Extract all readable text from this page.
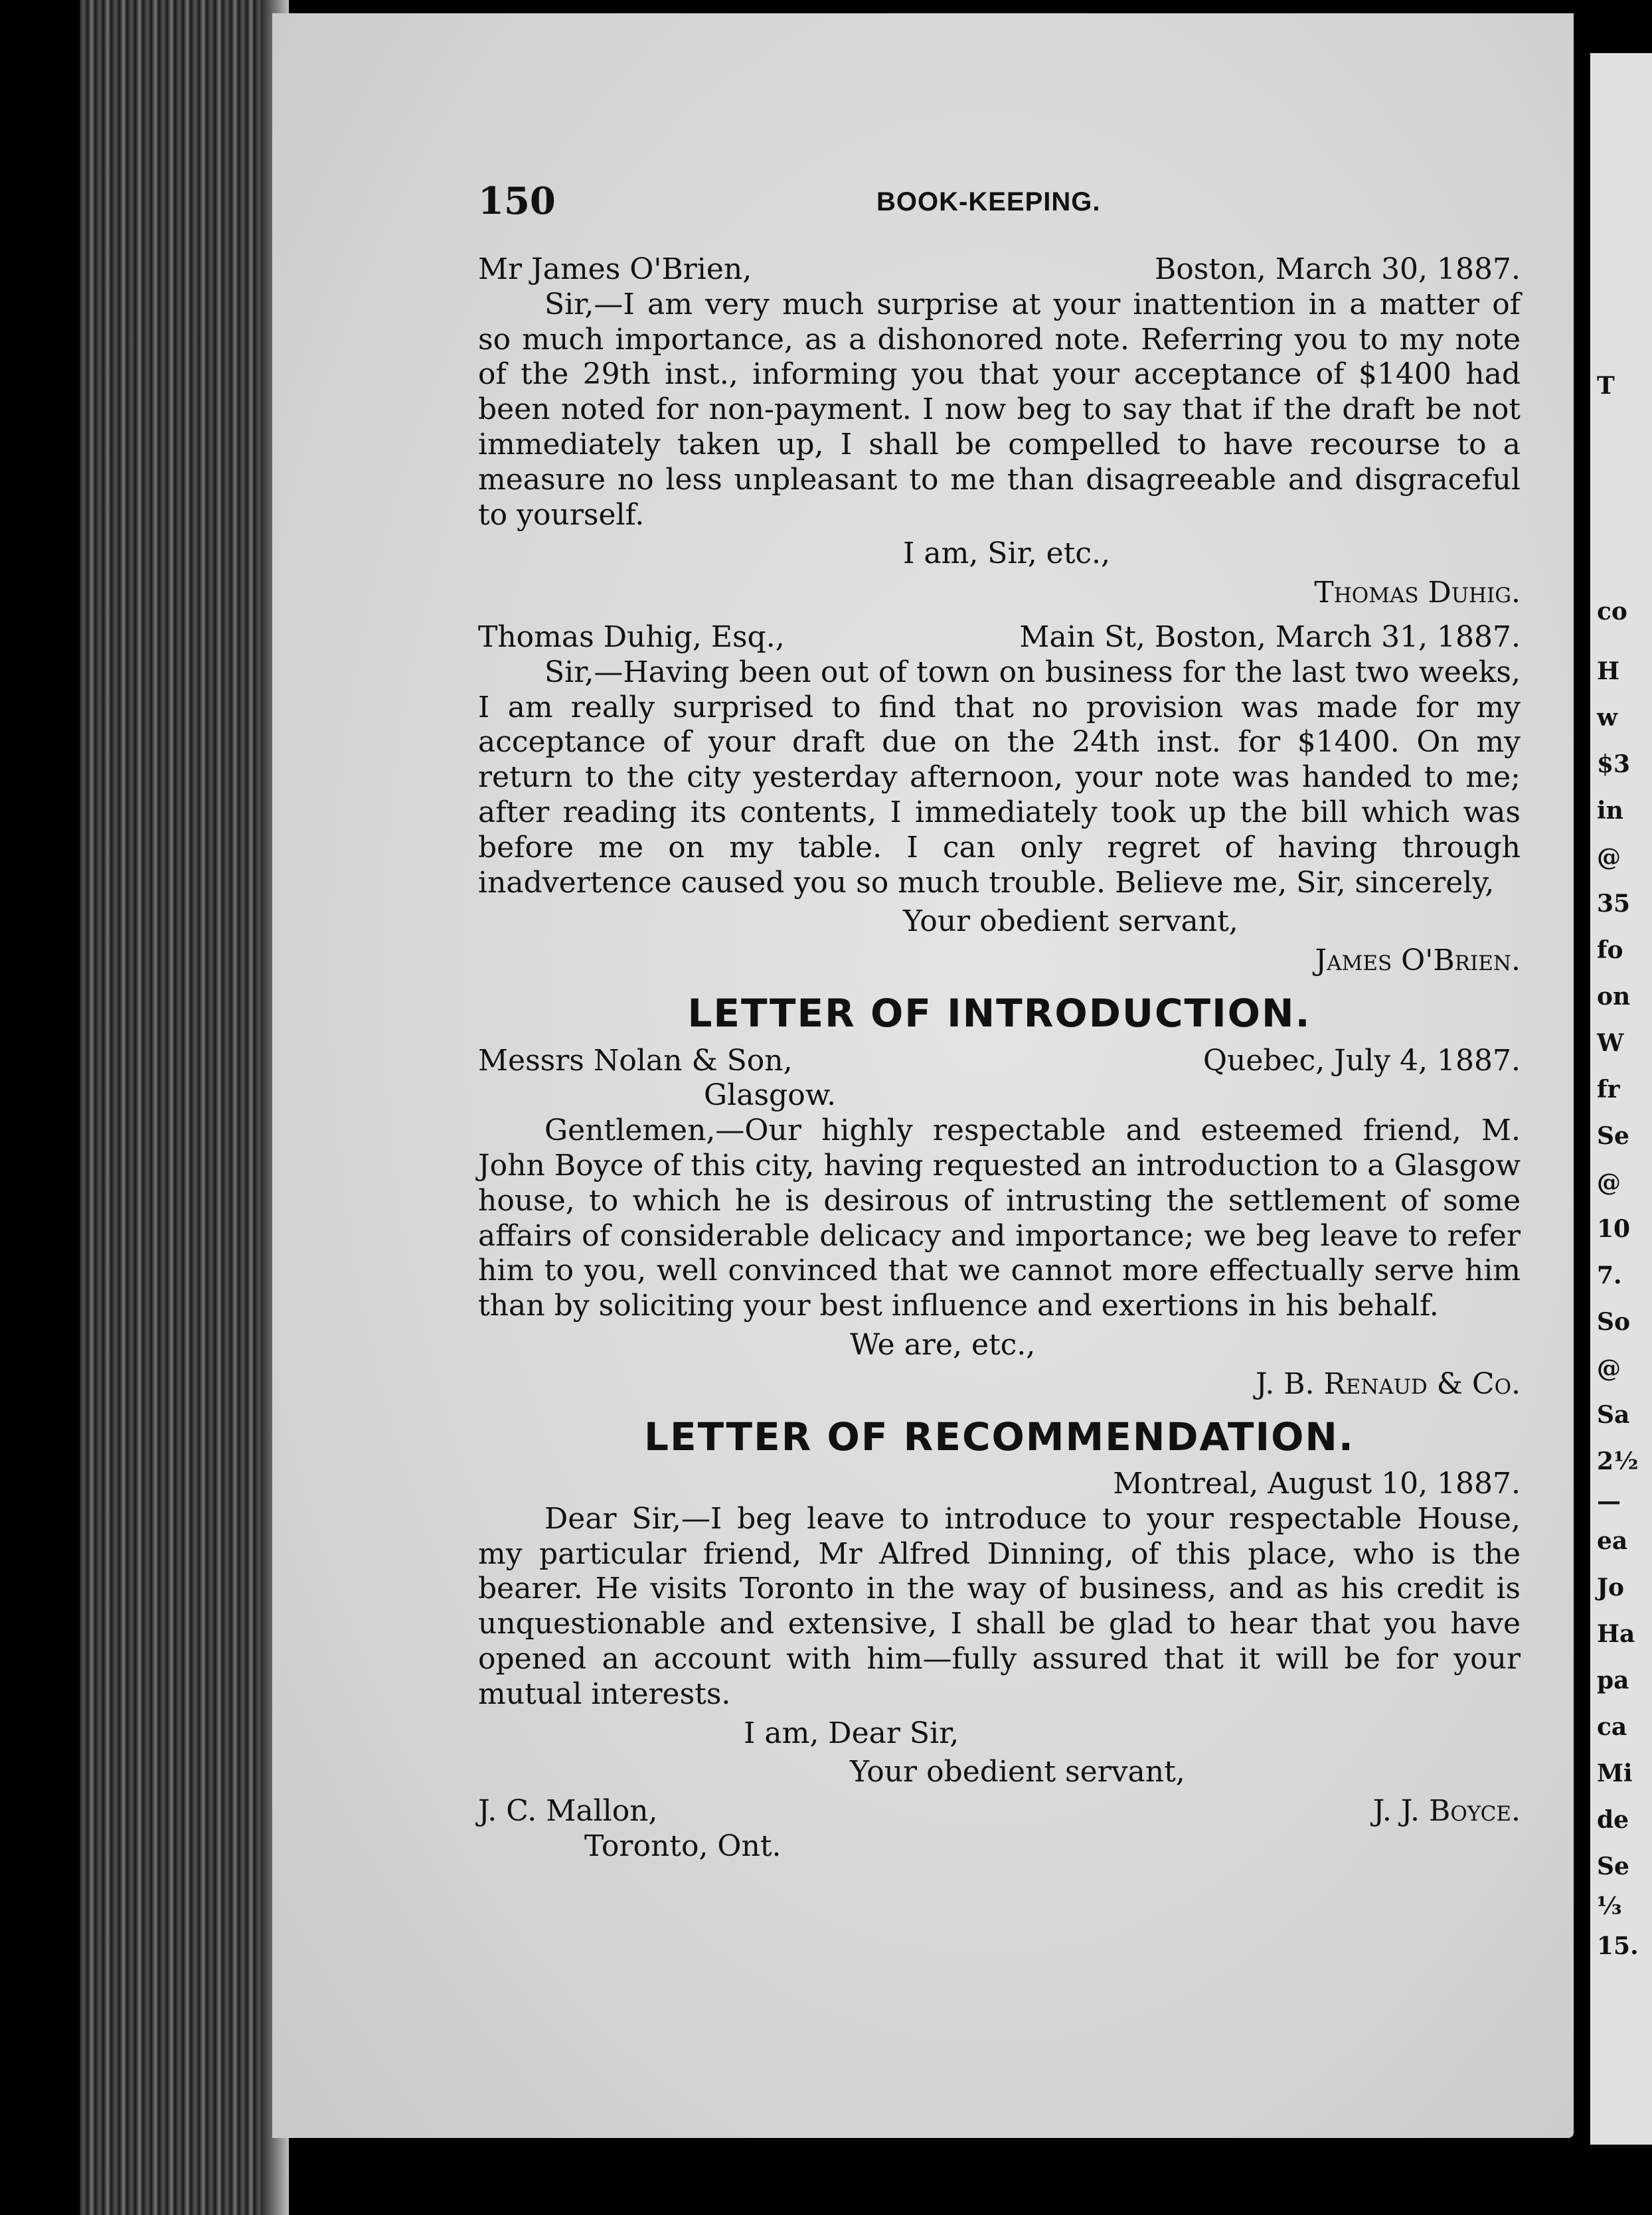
T
co
H
w
$3
in
@
35
fo
on
W
fr
Se
@
10
7.
So
@
Sa
2½
—
ea
Jo
Ha
pa
ca
Mi
de
Se
⅓
15.
150	BOOK-KEEPING.
Mr James O'Brien,	Boston, March 30, 1887.

Sir,—I am very much surprise at your inattention in a matter of so much importance, as a dishonored note. Referring you to my note of the 29th inst., informing you that your acceptance of $1400 had been noted for non-payment. I now beg to say that if the draft be not immediately taken up, I shall be compelled to have recourse to a measure no less unpleasant to me than disagreeable and disgraceful to yourself.

I am, Sir, etc.,
Thomas Duhig.
Thomas Duhig, Esq.,	Main St, Boston, March 31, 1887.

Sir,—Having been out of town on business for the last two weeks, I am really surprised to find that no provision was made for my acceptance of your draft due on the 24th inst. for $1400. On my return to the city yesterday afternoon, your note was handed to me; after reading its contents, I immediately took up the bill which was before me on my table. I can only regret of having through inadvertence caused you so much trouble. Believe me, Sir, sincerely,

Your obedient servant,
James O'Brien.
LETTER OF INTRODUCTION.
Messrs Nolan & Son,	Quebec, July 4, 1887.
Glasgow.

Gentlemen,—Our highly respectable and esteemed friend, M. John Boyce of this city, having requested an introduction to a Glasgow house, to which he is desirous of intrusting the settlement of some affairs of considerable delicacy and importance; we beg leave to refer him to you, well convinced that we cannot more effectually serve him than by soliciting your best influence and exertions in his behalf.

We are, etc.,
J. B. Renaud & Co.
LETTER OF RECOMMENDATION.
Montreal, August 10, 1887.

Dear Sir,—I beg leave to introduce to your respectable House, my particular friend, Mr Alfred Dinning, of this place, who is the bearer. He visits Toronto in the way of business, and as his credit is unquestionable and extensive, I shall be glad to hear that you have opened an account with him—fully assured that it will be for your mutual interests.

I am, Dear Sir,
Your obedient servant,
J. C. Mallon,	J. J. Boyce.
Toronto, Ont.
